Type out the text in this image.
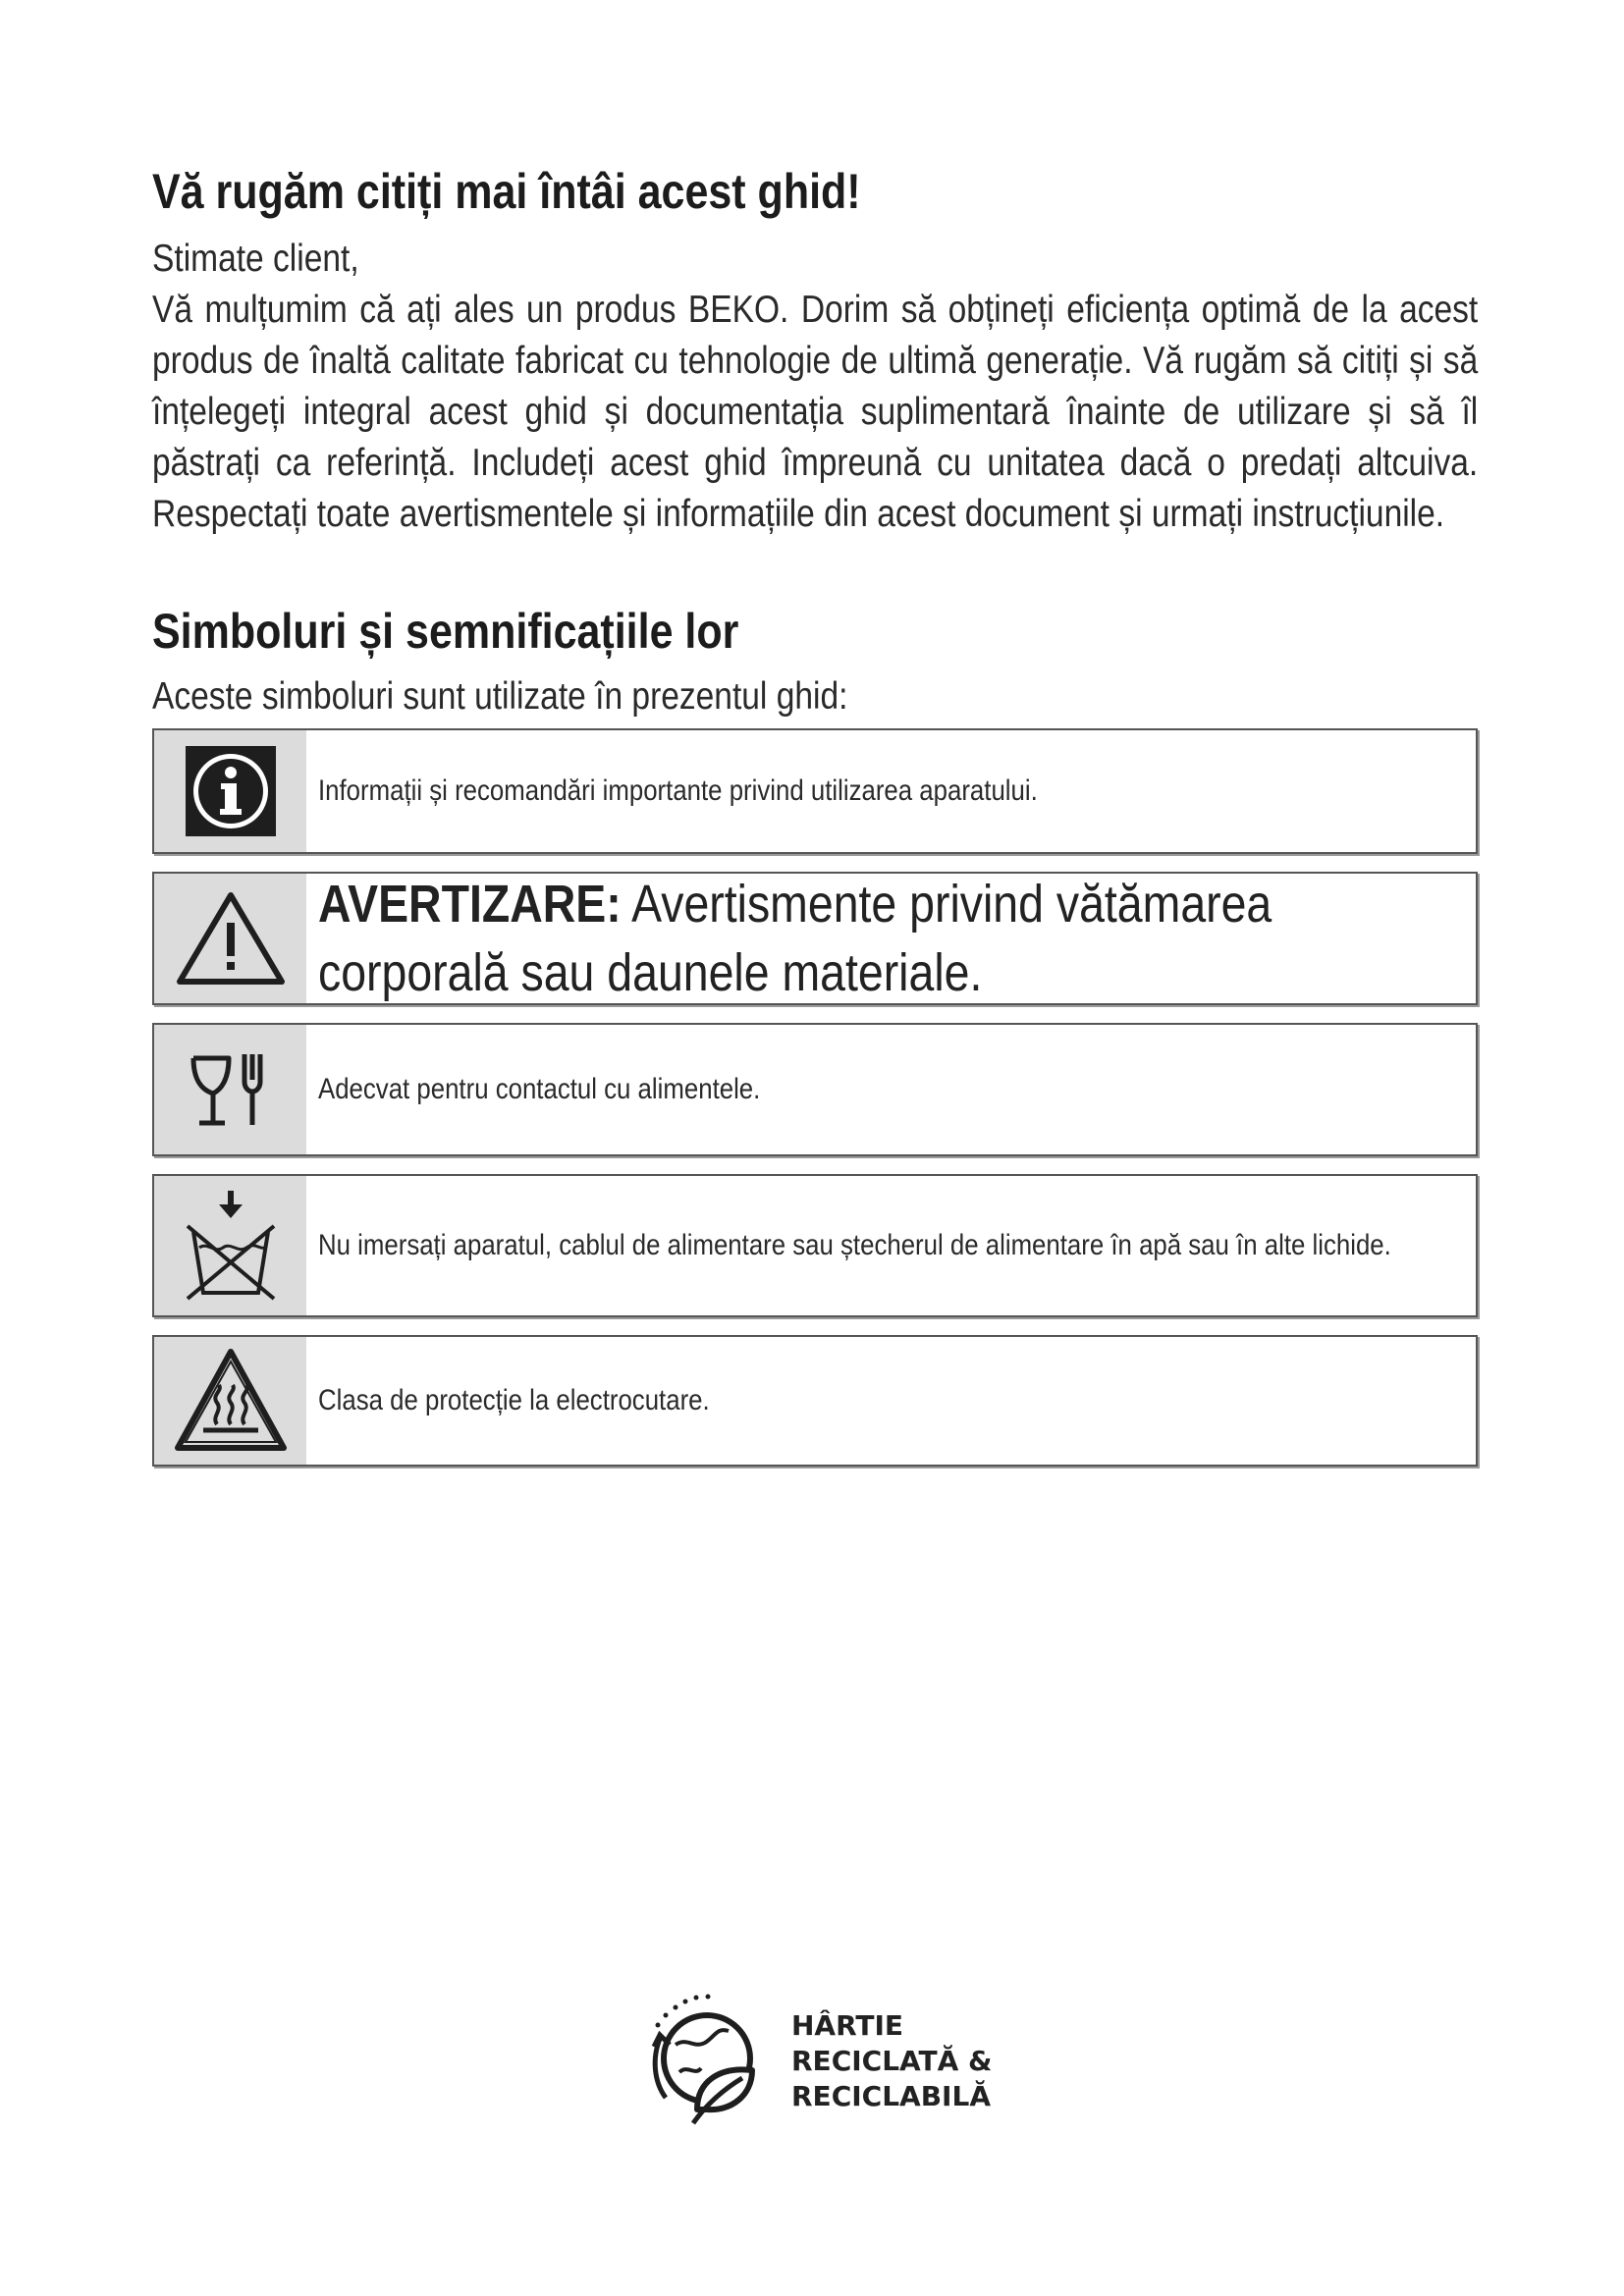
Vă rugăm citiți mai întâi acest ghid!

Stimate client,

Vă mulțumim că ați ales un produs BEKO. Dorim să obțineți eficiența optimă de la acest produs de înaltă calitate fabricat cu tehnologie de ultimă generație. Vă rugăm să citiți și să înțelegeți integral acest ghid și documentația suplimentară înainte de utilizare și să îl păstrați ca referință. Includeți acest ghid împreună cu unitatea dacă o predați altcuiva. Respectați toate avertismentele și informațiile din acest document și urmați instrucțiunile.

Simboluri și semnificațiile lor

Aceste simboluri sunt utilizate în prezentul ghid:

Informații și recomandări importante privind utilizarea aparatului.
AVERTIZARE: Avertismente privind vătămarea
corporală sau daunele materiale.
Adecvat pentru contactul cu alimentele.
Nu imersați aparatul, cablul de alimentare sau ștecherul de alimentare în apă sau în alte lichide.
Clasa de protecție la electrocutare.
HÂRTIE
RECICLATĂ &
RECICLABILĂ
